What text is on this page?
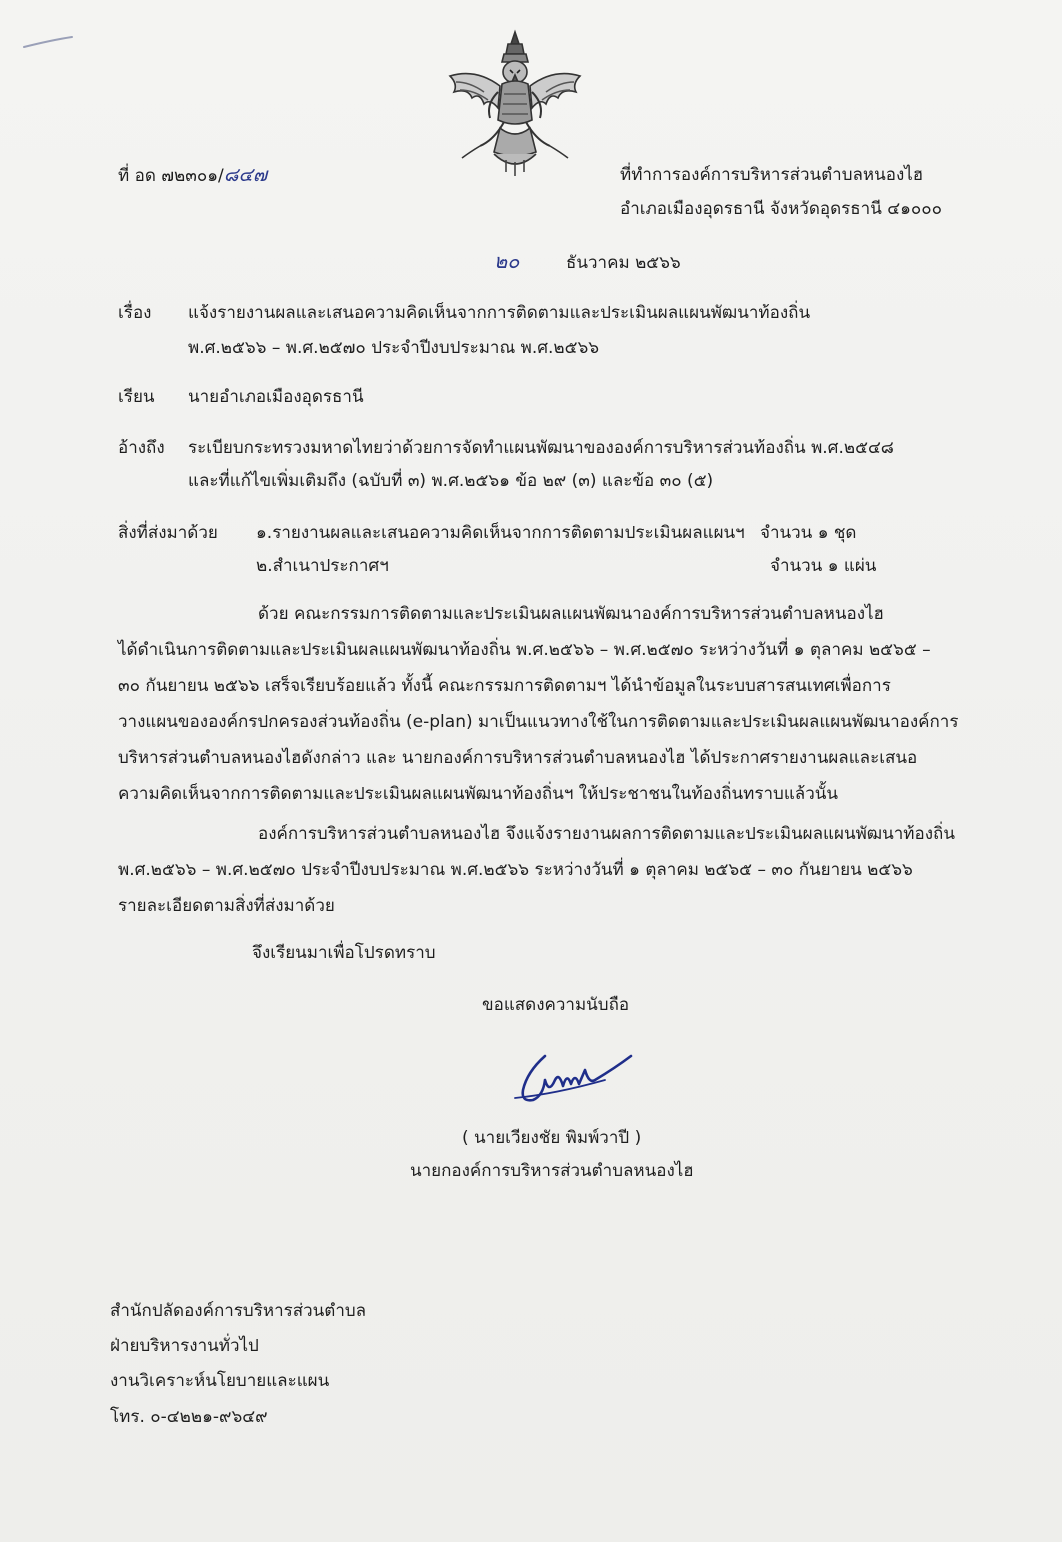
ที่ อด ๗๒๓๐๑/๘๔๗	ที่ทำการองค์การบริหารส่วนตำบลหนองไฮ
อำเภอเมืองอุดรธานี จังหวัดอุดรธานี ๔๑๐๐๐
๒๐	ธันวาคม ๒๕๖๖
เรื่อง แจ้งรายงานผลและเสนอความคิดเห็นจากการติดตามและประเมินผลแผนพัฒนาท้องถิ่น
พ.ศ.๒๕๖๖ – พ.ศ.๒๕๗๐ ประจำปีงบประมาณ พ.ศ.๒๕๖๖
เรียน นายอำเภอเมืองอุดรธานี
อ้างถึง ระเบียบกระทรวงมหาดไทยว่าด้วยการจัดทำแผนพัฒนาขององค์การบริหารส่วนท้องถิ่น พ.ศ.๒๕๔๘
และที่แก้ไขเพิ่มเติมถึง (ฉบับที่ ๓) พ.ศ.๒๕๖๑ ข้อ ๒๙ (๓) และข้อ ๓๐ (๕)
สิ่งที่ส่งมาด้วย ๑.รายงานผลและเสนอความคิดเห็นจากการติดตามประเมินผลแผนฯ จำนวน ๑ ชุด
๒.สำเนาประกาศฯ	จำนวน ๑ แผ่น
ด้วย คณะกรรมการติดตามและประเมินผลแผนพัฒนาองค์การบริหารส่วนตำบลหนองไฮ
ได้ดำเนินการติดตามและประเมินผลแผนพัฒนาท้องถิ่น พ.ศ.๒๕๖๖ – พ.ศ.๒๕๗๐ ระหว่างวันที่ ๑ ตุลาคม ๒๕๖๕ –
๓๐ กันยายน ๒๕๖๖ เสร็จเรียบร้อยแล้ว ทั้งนี้ คณะกรรมการติดตามฯ ได้นำข้อมูลในระบบสารสนเทศเพื่อการ
วางแผนขององค์กรปกครองส่วนท้องถิ่น (e-plan) มาเป็นแนวทางใช้ในการติดตามและประเมินผลแผนพัฒนาองค์การ
บริหารส่วนตำบลหนองไฮดังกล่าว และ นายกองค์การบริหารส่วนตำบลหนองไฮ ได้ประกาศรายงานผลและเสนอ
ความคิดเห็นจากการติดตามและประเมินผลแผนพัฒนาท้องถิ่นฯ ให้ประชาชนในท้องถิ่นทราบแล้วนั้น
องค์การบริหารส่วนตำบลหนองไฮ จึงแจ้งรายงานผลการติดตามและประเมินผลแผนพัฒนาท้องถิ่น
พ.ศ.๒๕๖๖ – พ.ศ.๒๕๗๐ ประจำปีงบประมาณ พ.ศ.๒๕๖๖ ระหว่างวันที่ ๑ ตุลาคม ๒๕๖๕ – ๓๐ กันยายน ๒๕๖๖
รายละเอียดตามสิ่งที่ส่งมาด้วย
จึงเรียนมาเพื่อโปรดทราบ
ขอแสดงความนับถือ
( นายเวียงชัย พิมพ์วาปี )
นายกองค์การบริหารส่วนตำบลหนองไฮ
สำนักปลัดองค์การบริหารส่วนตำบล
ฝ่ายบริหารงานทั่วไป
งานวิเคราะห์นโยบายและแผน
โทร. ๐-๔๒๒๑-๙๖๔๙
